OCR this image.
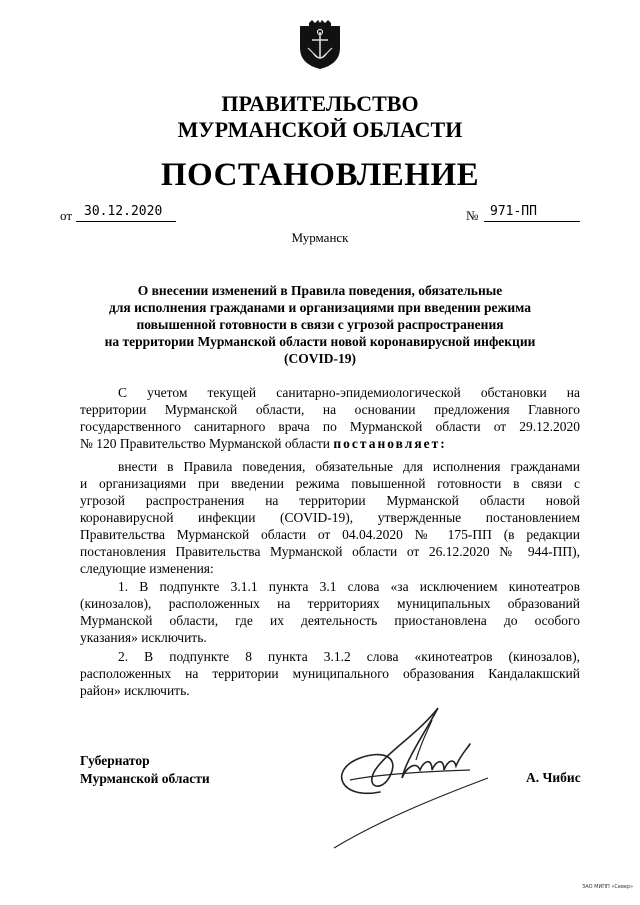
ПРАВИТЕЛЬСТВО
МУРМАНСКОЙ ОБЛАСТИ
ПОСТАНОВЛЕНИЕ
от 30.12.2020	№ 971-ПП
Мурманск
О внесении изменений в Правила поведения, обязательные
для исполнения гражданами и организациями при введении режима
повышенной готовности в связи с угрозой распространения
на территории Мурманской области новой коронавирусной инфекции
(COVID-19)
С учетом текущей санитарно-эпидемиологической обстановки на
территории Мурманской области, на основании предложения Главного
государственного санитарного врача по Мурманской области от 29.12.2020
№ 120 Правительство Мурманской области постановляет:
внести в Правила поведения, обязательные для исполнения гражданами
и организациями при введении режима повышенной готовности в связи с
угрозой распространения на территории Мурманской области новой
коронавирусной инфекции (COVID-19), утвержденные постановлением
Правительства Мурманской области от 04.04.2020 № 175-ПП (в редакции
постановления Правительства Мурманской области от 26.12.2020 № 944-ПП),
следующие изменения:
1. В подпункте 3.1.1 пункта 3.1 слова «за исключением кинотеатров
(кинозалов), расположенных на территориях муниципальных образований
Мурманской области, где их деятельность приостановлена до особого
указания» исключить.
2. В подпункте 8 пункта 3.1.2 слова «кинотеатров (кинозалов),
расположенных на территории муниципального образования Кандалакшский
район» исключить.
Губернатор
Мурманской области	А. Чибис
ЗАО МИПП «Север»
